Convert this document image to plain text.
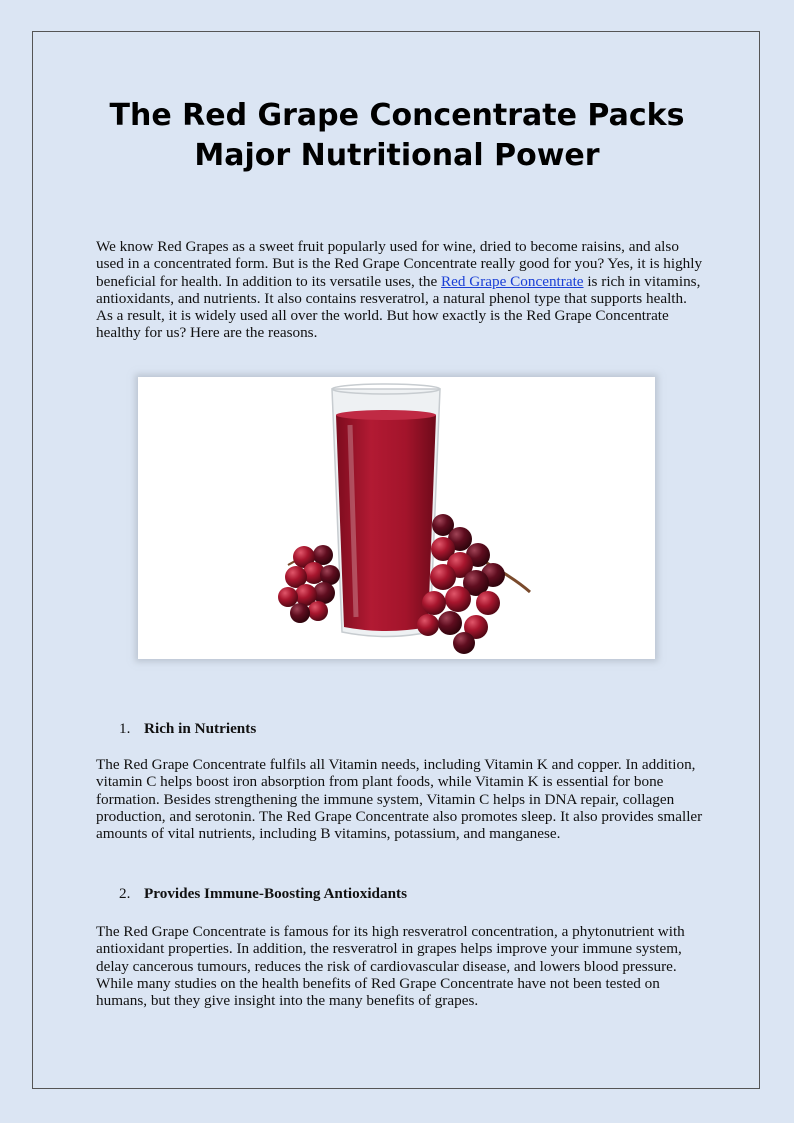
The Red Grape Concentrate Packs
Major Nutritional Power

We know Red Grapes as a sweet fruit popularly used for wine, dried to become raisins, and also used in a concentrated form. But is the Red Grape Concentrate really good for you? Yes, it is highly beneficial for health. In addition to its versatile uses, the Red Grape Concentrate is rich in vitamins, antioxidants, and nutrients. It also contains resveratrol, a natural phenol type that supports health. As a result, it is widely used all over the world. But how exactly is the Red Grape Concentrate healthy for us? Here are the reasons.

1. Rich in Nutrients

The Red Grape Concentrate fulfils all Vitamin needs, including Vitamin K and copper. In addition, vitamin C helps boost iron absorption from plant foods, while Vitamin K is essential for bone formation. Besides strengthening the immune system, Vitamin C helps in DNA repair, collagen production, and serotonin. The Red Grape Concentrate also promotes sleep. It also provides smaller amounts of vital nutrients, including B vitamins, potassium, and manganese.

2. Provides Immune-Boosting Antioxidants

The Red Grape Concentrate is famous for its high resveratrol concentration, a phytonutrient with antioxidant properties. In addition, the resveratrol in grapes helps improve your immune system, delay cancerous tumours, reduces the risk of cardiovascular disease, and lowers blood pressure. While many studies on the health benefits of Red Grape Concentrate have not been tested on humans, but they give insight into the many benefits of grapes.
